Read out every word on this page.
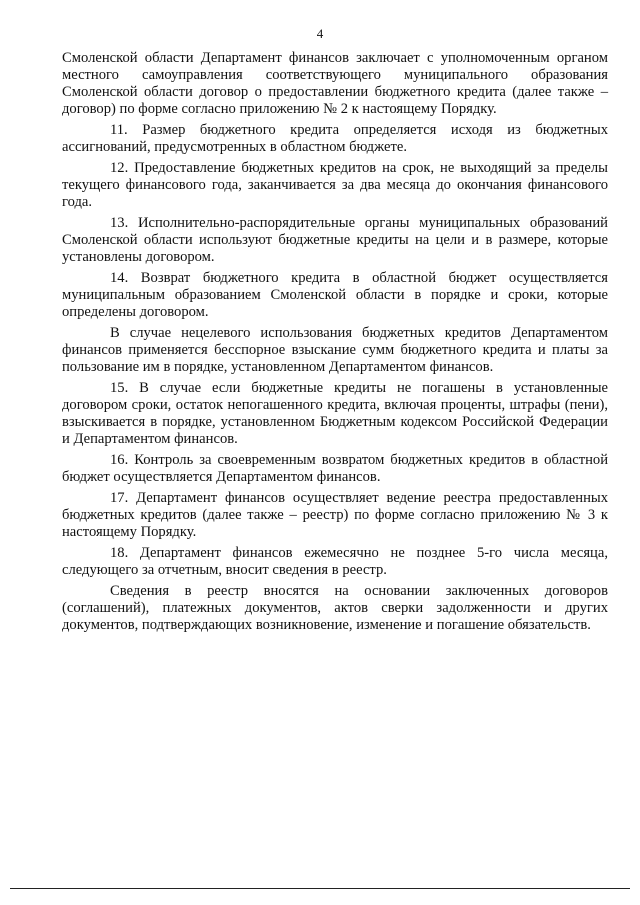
4

Смоленской области Департамент финансов заключает с уполномоченным органом местного самоуправления соответствующего муниципального образования Смоленской области договор о предоставлении бюджетного кредита (далее также – договор) по форме согласно приложению № 2 к настоящему Порядку.

11. Размер бюджетного кредита определяется исходя из бюджетных ассигнований, предусмотренных в областном бюджете.

12. Предоставление бюджетных кредитов на срок, не выходящий за пределы текущего финансового года, заканчивается за два месяца до окончания финансового года.

13. Исполнительно-распорядительные органы муниципальных образований Смоленской области используют бюджетные кредиты на цели и в размере, которые установлены договором.

14. Возврат бюджетного кредита в областной бюджет осуществляется муниципальным образованием Смоленской области в порядке и сроки, которые определены договором.

В случае нецелевого использования бюджетных кредитов Департаментом финансов применяется бесспорное взыскание сумм бюджетного кредита и платы за пользование им в порядке, установленном Департаментом финансов.

15. В случае если бюджетные кредиты не погашены в установленные договором сроки, остаток непогашенного кредита, включая проценты, штрафы (пени), взыскивается в порядке, установленном Бюджетным кодексом Российской Федерации и Департаментом финансов.

16. Контроль за своевременным возвратом бюджетных кредитов в областной бюджет осуществляется Департаментом финансов.

17. Департамент финансов осуществляет ведение реестра предоставленных бюджетных кредитов (далее также – реестр) по форме согласно приложению № 3 к настоящему Порядку.

18. Департамент финансов ежемесячно не позднее 5-го числа месяца, следующего за отчетным, вносит сведения в реестр.

Сведения в реестр вносятся на основании заключенных договоров (соглашений), платежных документов, актов сверки задолженности и других документов, подтверждающих возникновение, изменение и погашение обязательств.
